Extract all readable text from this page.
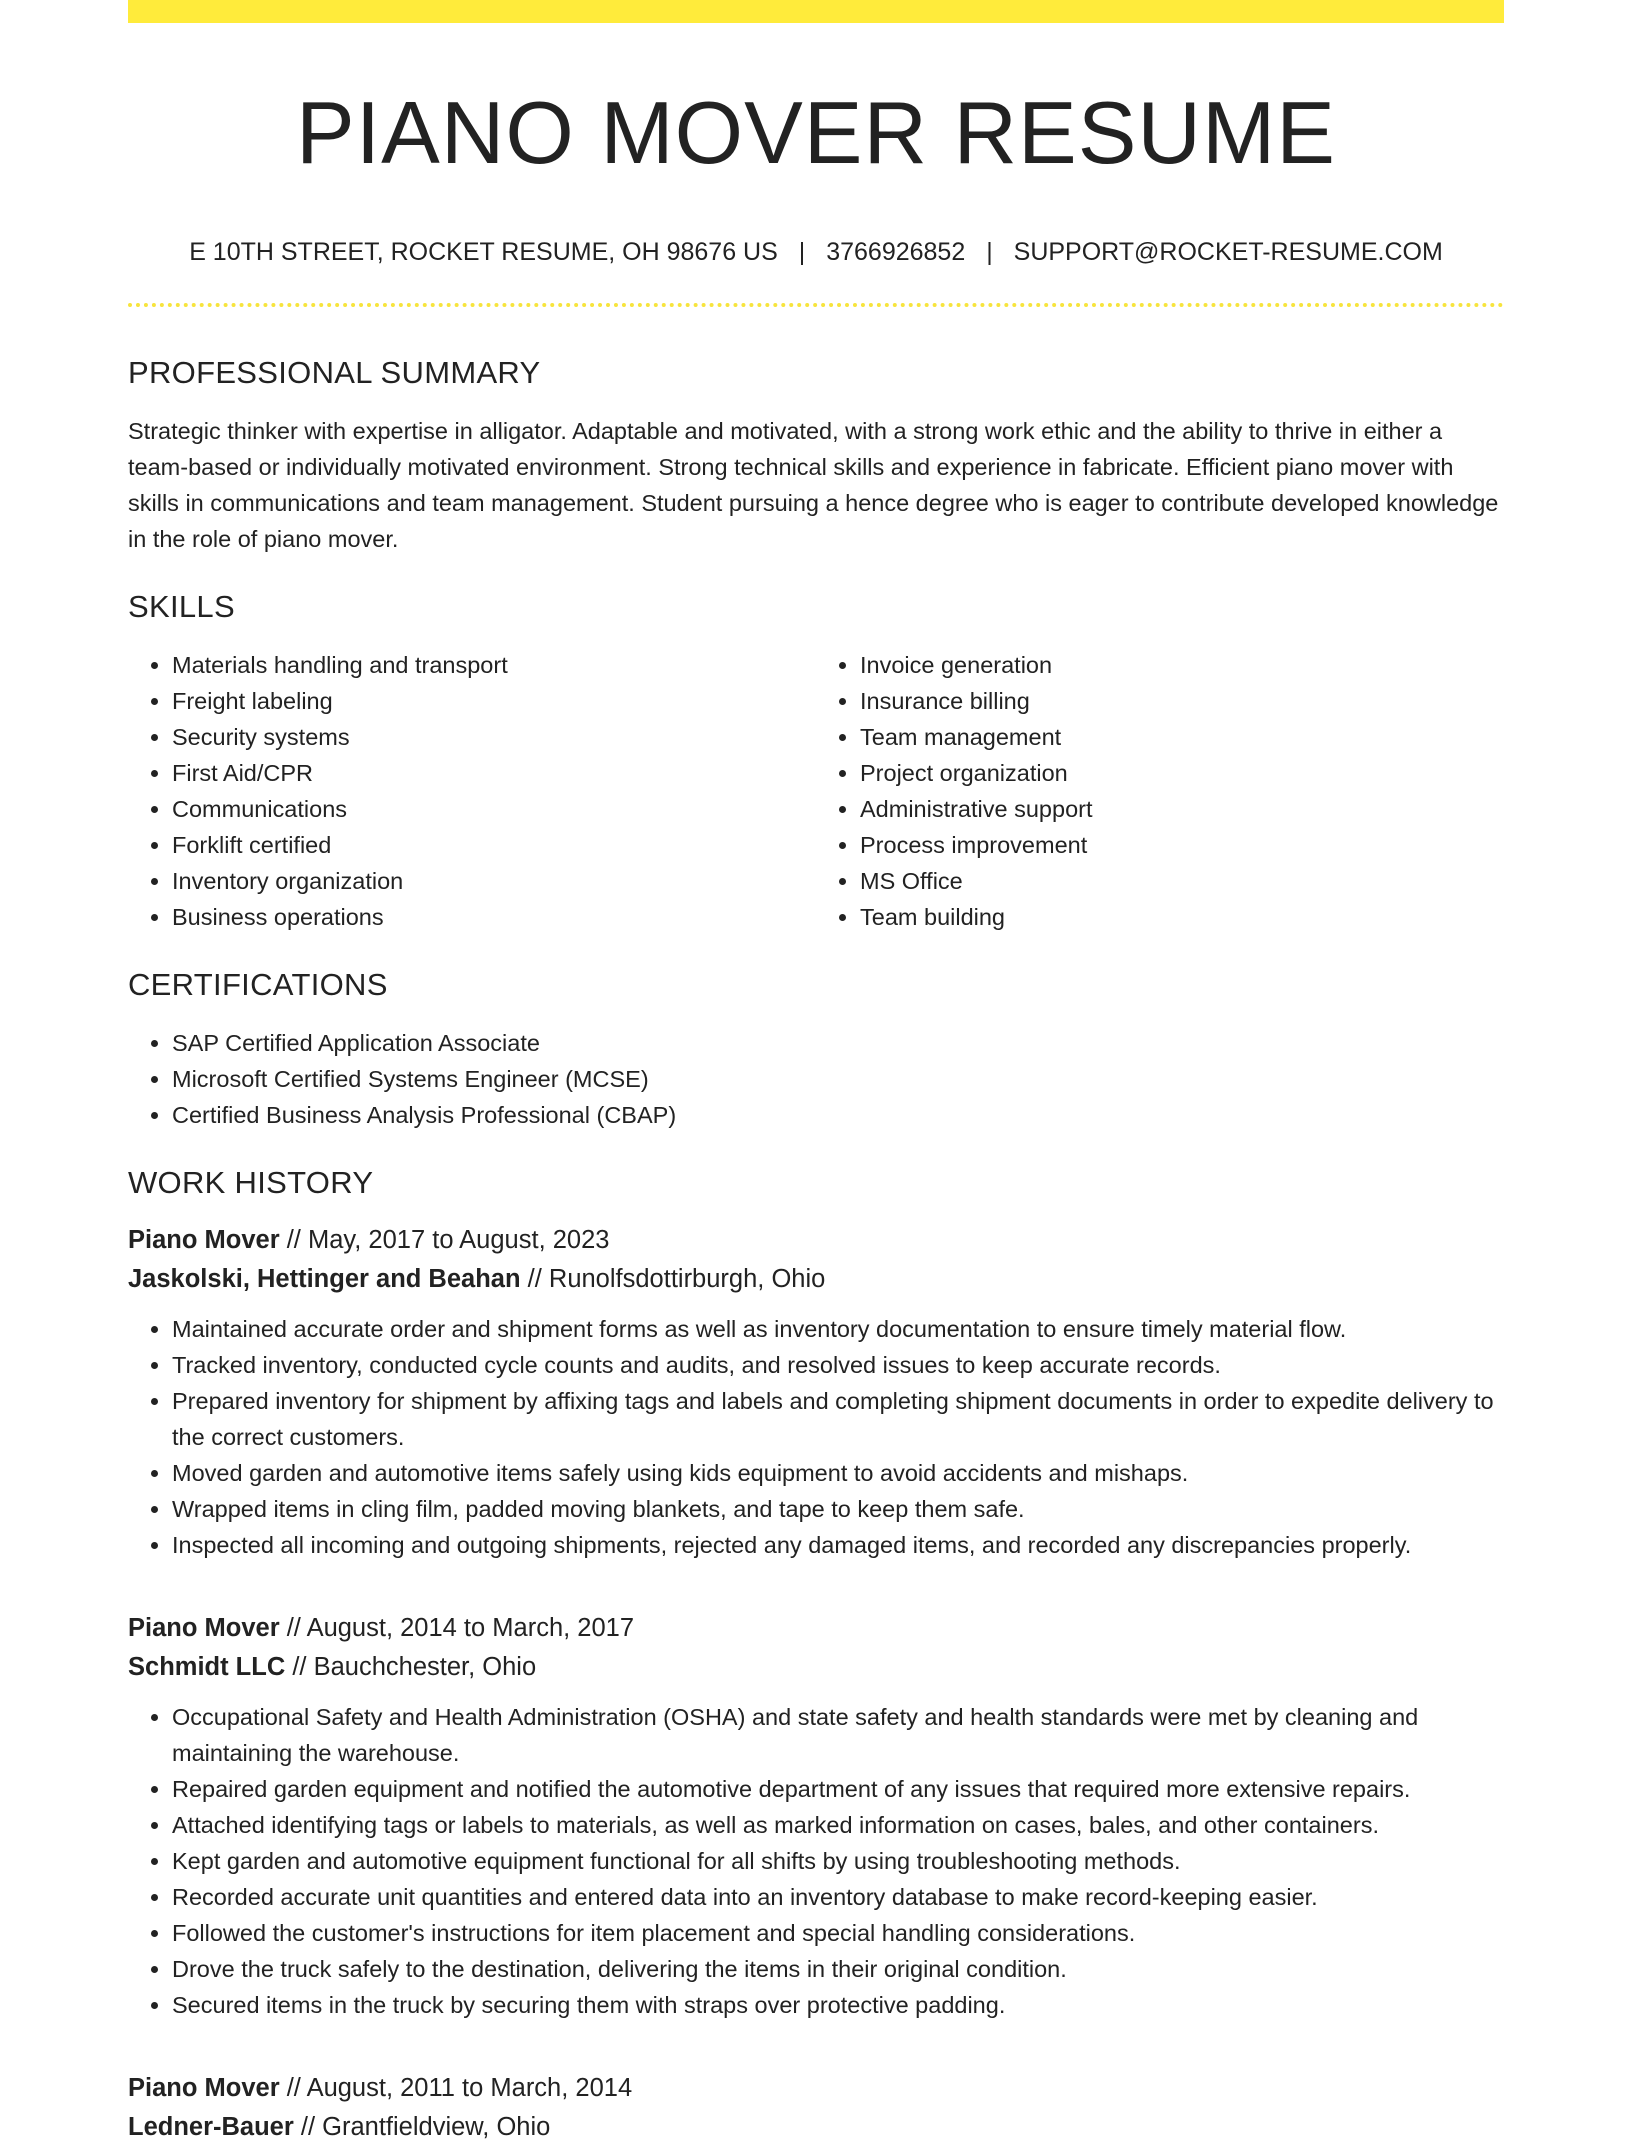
PIANO MOVER RESUME
E 10TH STREET, ROCKET RESUME, OH 98676 US | 3766926852 | SUPPORT@ROCKET-RESUME.COM
PROFESSIONAL SUMMARY

Strategic thinker with expertise in alligator. Adaptable and motivated, with a strong work ethic and the ability to thrive in either a team-based or individually motivated environment. Strong technical skills and experience in fabricate. Efficient piano mover with skills in communications and team management. Student pursuing a hence degree who is eager to contribute developed knowledge in the role of piano mover.

SKILLS
• Materials handling and transport
• Freight labeling
• Security systems
• First Aid/CPR
• Communications
• Forklift certified
• Inventory organization
• Business operations
• Invoice generation
• Insurance billing
• Team management
• Project organization
• Administrative support
• Process improvement
• MS Office
• Team building
CERTIFICATIONS
• SAP Certified Application Associate
• Microsoft Certified Systems Engineer (MCSE)
• Certified Business Analysis Professional (CBAP)
WORK HISTORY
Piano Mover // May, 2017 to August, 2023
Jaskolski, Hettinger and Beahan // Runolfsdottirburgh, Ohio
• Maintained accurate order and shipment forms as well as inventory documentation to ensure timely material flow.
• Tracked inventory, conducted cycle counts and audits, and resolved issues to keep accurate records.
• Prepared inventory for shipment by affixing tags and labels and completing shipment documents in order to expedite delivery to the correct customers.
• Moved garden and automotive items safely using kids equipment to avoid accidents and mishaps.
• Wrapped items in cling film, padded moving blankets, and tape to keep them safe.
• Inspected all incoming and outgoing shipments, rejected any damaged items, and recorded any discrepancies properly.
Piano Mover // August, 2014 to March, 2017
Schmidt LLC // Bauchchester, Ohio
• Occupational Safety and Health Administration (OSHA) and state safety and health standards were met by cleaning and maintaining the warehouse.
• Repaired garden equipment and notified the automotive department of any issues that required more extensive repairs.
• Attached identifying tags or labels to materials, as well as marked information on cases, bales, and other containers.
• Kept garden and automotive equipment functional for all shifts by using troubleshooting methods.
• Recorded accurate unit quantities and entered data into an inventory database to make record-keeping easier.
• Followed the customer's instructions for item placement and special handling considerations.
• Drove the truck safely to the destination, delivering the items in their original condition.
• Secured items in the truck by securing them with straps over protective padding.
Piano Mover // August, 2011 to March, 2014
Ledner-Bauer // Grantfieldview, Ohio
